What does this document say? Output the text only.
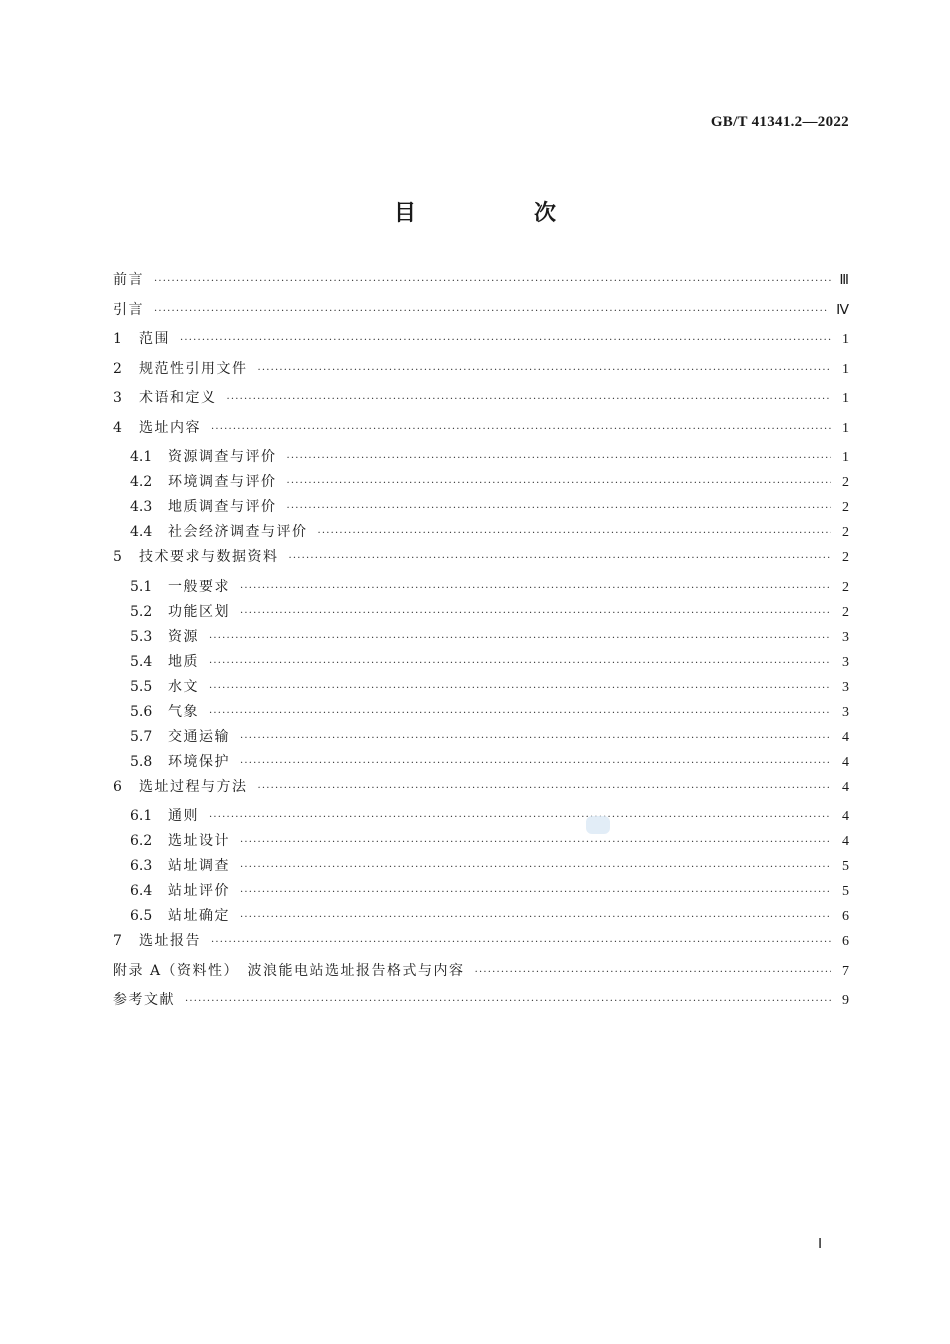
GB/T 41341.2—2022
目　次
前言 ·····	Ⅲ
引言 ·····	Ⅳ
1	范围 ·····	1
2	规范性引用文件 ·····	1
3	术语和定义 ·····	1
4	选址内容 ·····	1
4.1	资源调查与评价 ·····	1
4.2	环境调查与评价 ·····	2
4.3	地质调查与评价 ·····	2
4.4	社会经济调查与评价 ·····	2
5	技术要求与数据资料 ·····	2
5.1	一般要求 ·····	2
5.2	功能区划 ·····	2
5.3	资源 ·····	3
5.4	地质 ·····	3
5.5	水文 ·····	3
5.6	气象 ·····	3
5.7	交通运输 ·····	4
5.8	环境保护 ·····	4
6	选址过程与方法 ·····	4
6.1	通则 ·····	4
6.2	选址设计 ·····	4
6.3	站址调查 ·····	5
6.4	站址评价 ·····	5
6.5	站址确定 ·····	6
7	选址报告 ·····	6
附录 A（资料性）　波浪能电站选址报告格式与内容 ·····	7
参考文献 ·····	9
Ⅰ
